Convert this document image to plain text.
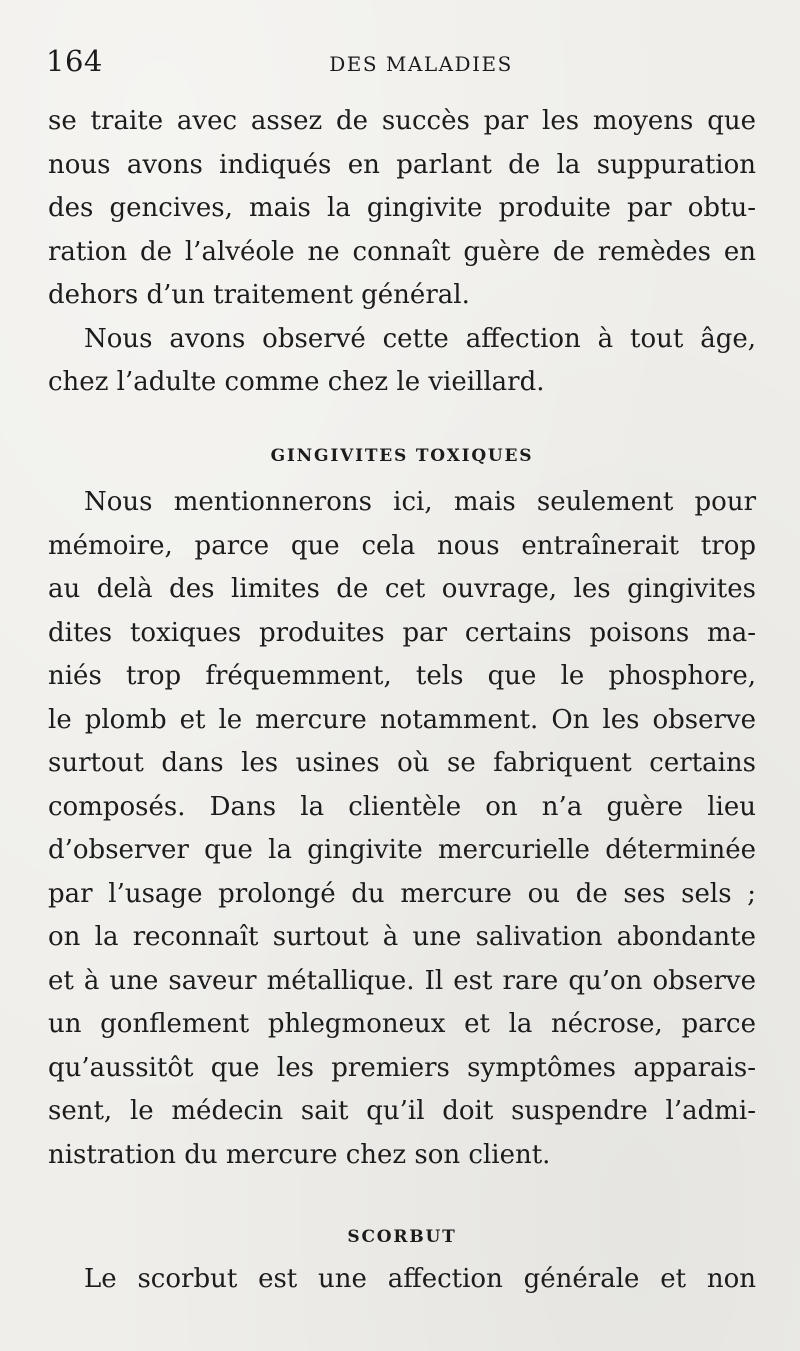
164	DES MALADIES
se traite avec assez de succès par les moyens que
nous avons indiqués en parlant de la suppuration
des gencives, mais la gingivite produite par obtu-
ration de l’alvéole ne connaît guère de remèdes en
dehors d’un traitement général.
Nous avons observé cette affection à tout âge,
chez l’adulte comme chez le vieillard.
GINGIVITES TOXIQUES
Nous mentionnerons ici, mais seulement pour
mémoire, parce que cela nous entraînerait trop
au delà des limites de cet ouvrage, les gingivites
dites toxiques produites par certains poisons ma-
niés trop fréquemment, tels que le phosphore,
le plomb et le mercure notamment. On les observe
surtout dans les usines où se fabriquent certains
composés. Dans la clientèle on n’a guère lieu
d’observer que la gingivite mercurielle déterminée
par l’usage prolongé du mercure ou de ses sels ;
on la reconnaît surtout à une salivation abondante
et à une saveur métallique. Il est rare qu’on observe
un gonflement phlegmoneux et la nécrose, parce
qu’aussitôt que les premiers symptômes apparais-
sent, le médecin sait qu’il doit suspendre l’admi-
nistration du mercure chez son client.
SCORBUT
Le scorbut est une affection générale et non
